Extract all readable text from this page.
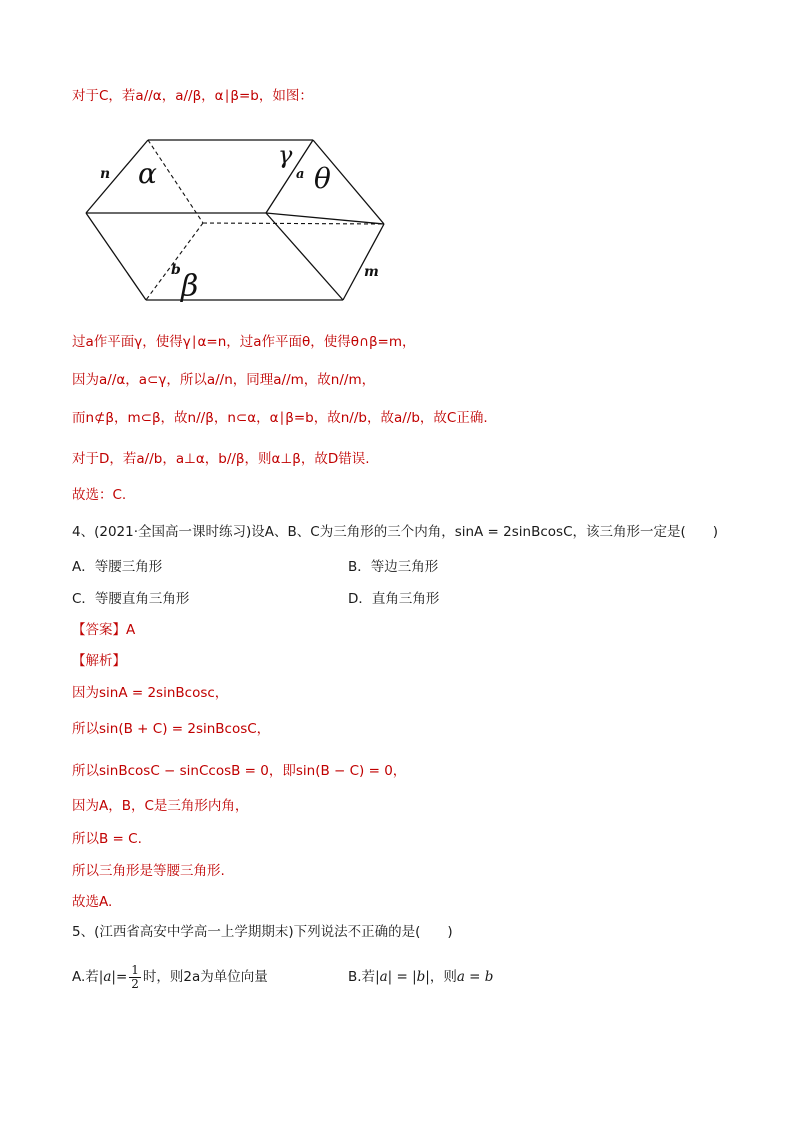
对于C，若a//α，a//β，α∣β=b，如图：
n α
γ
a θ
b β	m
过a作平面γ，使得γ∣α=n，过a作平面θ，使得θ∩β=m，
因为a//α，a⊂γ，所以a//n，同理a//m，故n//m，
而n⊄β，m⊂β，故n//β，n⊂α，α∣β=b，故n//b，故a//b，故C正确.
对于D，若a//b，a⊥α，b//β，则α⊥β，故D错误.
故选：C.
4、(2021·全国高一课时练习)设A、B、C为三角形的三个内角，sinA = 2sinBcosC，该三角形一定是(　　)
A．等腰三角形	B．等边三角形
C．等腰直角三角形	D．直角三角形
【答案】A
【解析】
因为sinA = 2sinBcosc，
所以sin(B + C) = 2sinBcosC，
所以sinBcosC − sinCcosB = 0，即sin(B − C) = 0，
因为A，B，C是三角形内角，
所以B = C.
所以三角形是等腰三角形.
故选A.
5、(江西省高安中学高一上学期期末)下列说法不正确的是(　　)
A.若$|a|= \frac{1}{2}$ 时，则2a为单位向量	B.若|a| = |b|，则a = b
